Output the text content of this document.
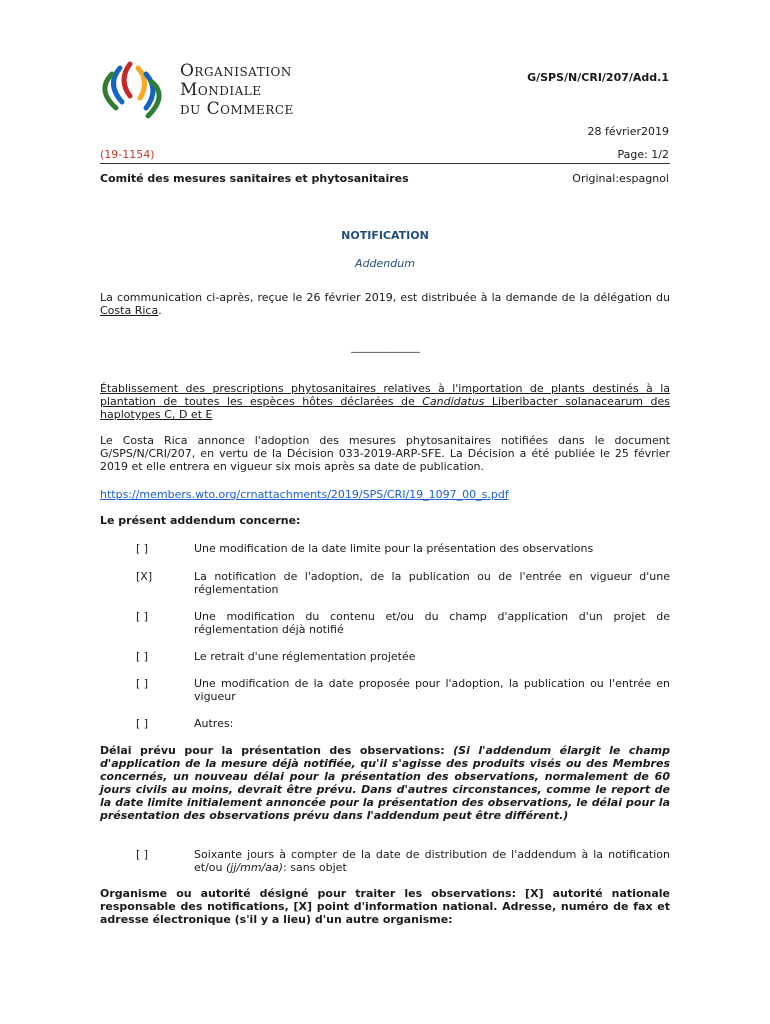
Organisation
Mondiale
du Commerce
G/SPS/N/CRI/207/Add.1
28 février2019
(19-1154)	Page: 1/2
Comité des mesures sanitaires et phytosanitaires	Original:espagnol
NOTIFICATION
Addendum
La communication ci-après, reçue le 26 février 2019, est distribuée à la demande de la délégation du Costa Rica.
_______________
Établissement des prescriptions phytosanitaires relatives à l'importation de plants destinés à la plantation de toutes les espèces hôtes déclarées de Candidatus Liberibacter solanacearum des haplotypes C, D et E
Le Costa Rica annonce l'adoption des mesures phytosanitaires notifiées dans le document G/SPS/N/CRI/207, en vertu de la Décision 033-2019-ARP-SFE. La Décision a été publiée le 25 février 2019 et elle entrera en vigueur six mois après sa date de publication.
https://members.wto.org/crnattachments/2019/SPS/CRI/19_1097_00_s.pdf
Le présent addendum concerne:
[ ]	Une modification de la date limite pour la présentation des observations
[X]	La notification de l'adoption, de la publication ou de l'entrée en vigueur d'une réglementation
[ ]	Une modification du contenu et/ou du champ d'application d'un projet de réglementation déjà notifié
[ ]	Le retrait d'une réglementation projetée
[ ]	Une modification de la date proposée pour l'adoption, la publication ou l'entrée en vigueur
[ ]	Autres:
Délai prévu pour la présentation des observations: (Si l'addendum élargit le champ d'application de la mesure déjà notifiée, qu'il s'agisse des produits visés ou des Membres concernés, un nouveau délai pour la présentation des observations, normalement de 60 jours civils au moins, devrait être prévu. Dans d'autres circonstances, comme le report de la date limite initialement annoncée pour la présentation des observations, le délai pour la présentation des observations prévu dans l'addendum peut être différent.)
[ ]	Soixante jours à compter de la date de distribution de l'addendum à la notification et/ou (jj/mm/aa): sans objet
Organisme ou autorité désigné pour traiter les observations: [X] autorité nationale responsable des notifications, [X] point d'information national. Adresse, numéro de fax et adresse électronique (s'il y a lieu) d'un autre organisme:
